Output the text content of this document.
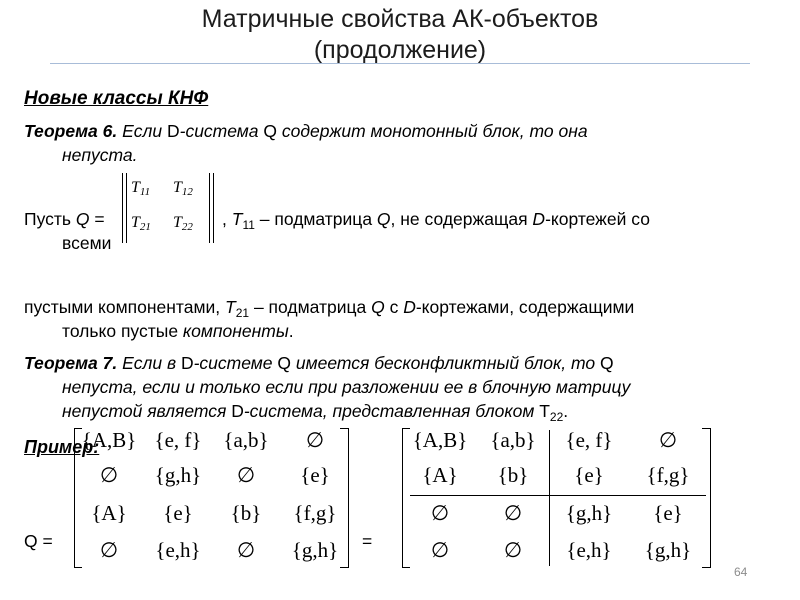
Матричные свойства АК-объектов
(продолжение)
Новые классы КНФ
Теорема 6. Если D-система Q содержит монотонный блок, то она
непуста.
Пусть Q =
$T_{11}$ $T_{12}$
$T_{21}$ $T_{22}$ , $T_{11}$ – подматрица Q, не содержащая D-кортежей со
всеми
пустыми компонентами, $T_{21}$ – подматрица Q с D-кортежами, содержащими
только пустые компоненты.
Теорема 7. Если в D-системе Q имеется бесконфликтный блок, то Q
непуста, если и только если при разложении ее в блочную матрицу
непустой является D-система, представленная блоком $T_{22}$.
Пример:
Q =	=
{A,B} {e, f}	{a,b}	∅
∅	{g,h}	∅	{e}
{A}	{e}	{b}	{f,g}
∅	{e,h}	∅	{g,h}
{A,B}	{a,b}	{e, f}	∅
{A}	{b}	{e}	{f,g}
∅	∅	{g,h}	{e}
∅	∅	{e,h}	{g,h}
64
